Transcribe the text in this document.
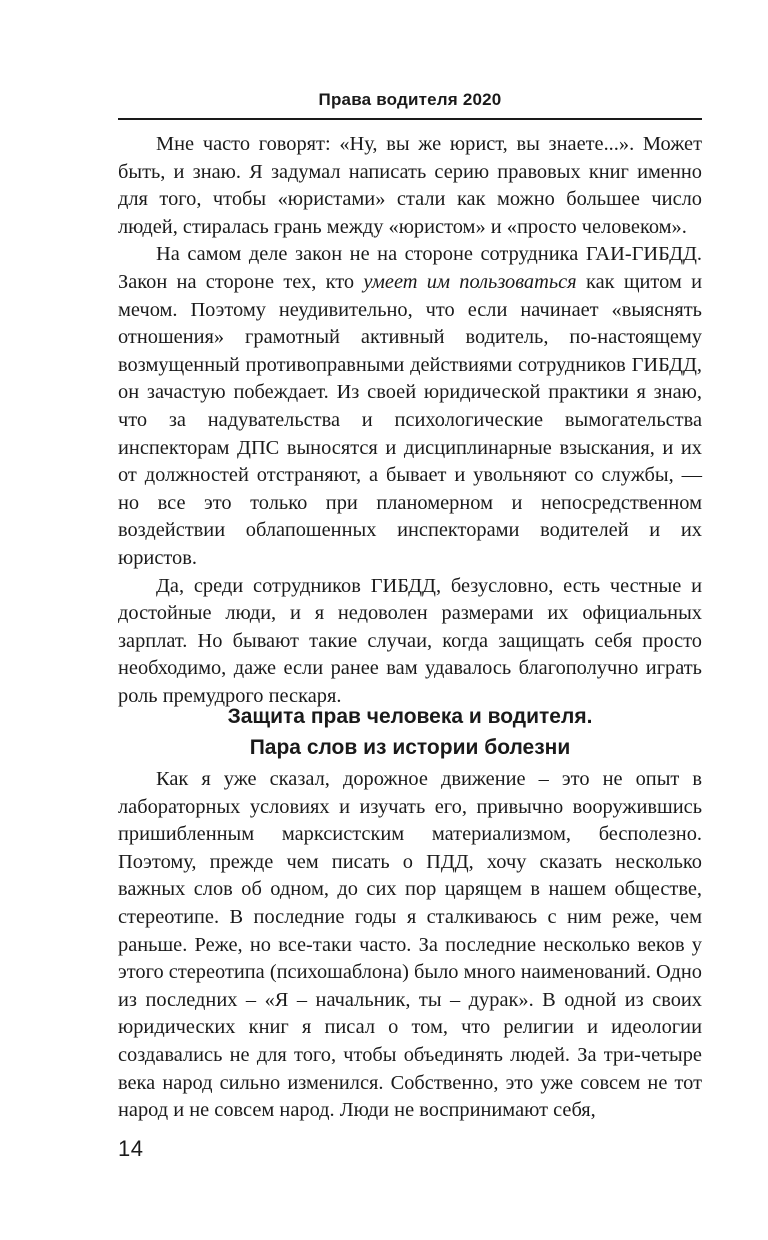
Права водителя 2020

Мне часто говорят: «Ну, вы же юрист, вы знаете...». Может быть, и знаю. Я задумал написать серию правовых книг именно для того, чтобы «юристами» стали как можно большее число людей, стиралась грань между «юристом» и «просто человеком».

На самом деле закон не на стороне сотрудника ГАИ-ГИБДД. Закон на стороне тех, кто умеет им пользоваться как щитом и мечом. Поэтому неудивительно, что если начинает «выяснять отношения» грамотный активный водитель, по-настоящему возмущенный противоправными действиями сотрудников ГИБДД, он зачастую побеждает. Из своей юридической практики я знаю, что за надувательства и психологические вымогательства инспекторам ДПС выносятся и дисциплинарные взыскания, и их от должностей отстраняют, а бывает и увольняют со службы, — но все это только при планомерном и непосредственном воздействии облапошенных инспекторами водителей и их юристов.

Да, среди сотрудников ГИБДД, безусловно, есть честные и достойные люди, и я недоволен размерами их официальных зарплат. Но бывают такие случаи, когда защищать себя просто необходимо, даже если ранее вам удавалось благополучно играть роль премудрого пескаря.

Защита прав человека и водителя.
Пара слов из истории болезни

Как я уже сказал, дорожное движение – это не опыт в лабораторных условиях и изучать его, привычно вооружившись пришибленным марксистским материализмом, бесполезно. Поэтому, прежде чем писать о ПДД, хочу сказать несколько важных слов об одном, до сих пор царящем в нашем обществе, стереотипе. В последние годы я сталкиваюсь с ним реже, чем раньше. Реже, но все-таки часто. За последние несколько веков у этого стереотипа (психошаблона) было много наименований. Одно из последних – «Я – начальник, ты – дурак». В одной из своих юридических книг я писал о том, что религии и идеологии создавались не для того, чтобы объединять людей. За три-четыре века народ сильно изменился. Собственно, это уже совсем не тот народ и не совсем народ. Люди не воспринимают себя,

14
